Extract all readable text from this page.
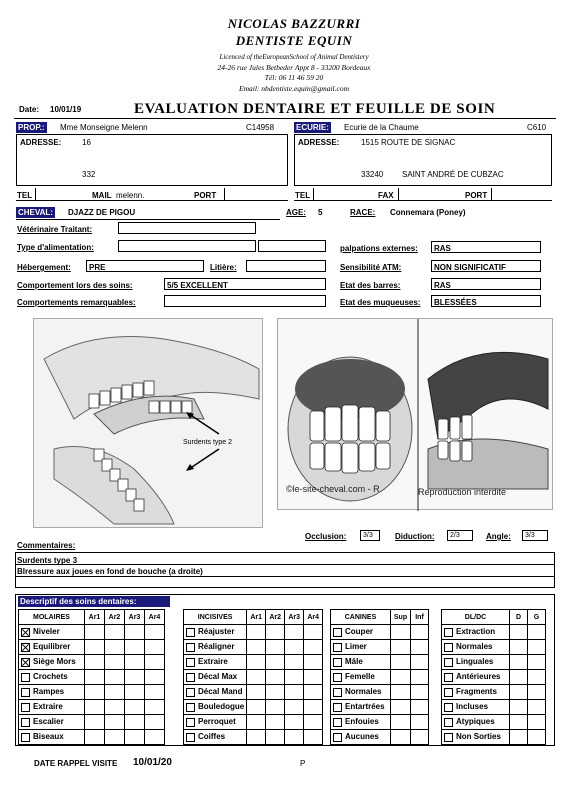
NICOLAS BAZZURRI
DENTISTE EQUIN
Licenced of theEuropeanSchool of Animal Dentistery
24-26 rue Jules Betbeder Appt 8 - 33200 Bordeaux
Tél: 06 11 46 59 20
Email: nbdentiste.equin@gmail.com
Date: 10/01/19	EVALUATION DENTAIRE ET FEUILLE DE SOIN
PROP.: Mme Monseigne Melenn	C14958
ADRESSE:	16
332
TEL	MAIL melenn.	PORT
ECURIE: Ecurie de la Chaume	C610
ADRESSE:	1515 ROUTE DE SIGNAC
33240 SAINT ANDRÉ DE CUBZAC
TEL	FAX	PORT
CHEVAL: DJAZZ DE PIGOU	AGE: 5	RACE: Connemara (Poney)
Vétérinaire Traitant:
Type d'alimentation:
Hébergement: PRE	Litière:
Comportement lors des soins:	5/5 EXCELLENT
Comportements remarquables:
palpations externes: RAS
Sensibilité ATM:	NON SIGNIFICATIF
Etat des barres:	RAS
Etat des muqueuses: BLESSÉES
Surdents type 2
©le-site-cheval.com - R	Reproduction interdite
Occlusion:	3/3	Diduction:	2/3	Angle:	3/3
Commentaires:
Surdents type 3
Blressure aux joues en fond de bouche (a droite)
Descriptif des soins dentaires:
MOLAIRES	Ar1	Ar2	Ar3	Ar4
Niveler				
Equilibrer				
Siège Mors				
Crochets				
Rampes				
Extraire				
Escalier				
Biseaux				
INCISIVES	Ar1	Ar2	Ar3	Ar4
Réajuster				
Réaligner				
Extraire				
Décal Max				
Décal Mand				
Bouledogue				
Perroquet				
Coiffes				
CANINES	Sup	Inf
Couper		
Limer		
Mâle		
Femelle		
Normales		
Entartrées		
Enfouies		
Aucunes		
DL/DC	D	G
Extraction		
Normales		
Linguales		
Antérieures		
Fragments		
Incluses		
Atypiques		
Non Sorties		
DATE RAPPEL VISITE 10/01/20	P
